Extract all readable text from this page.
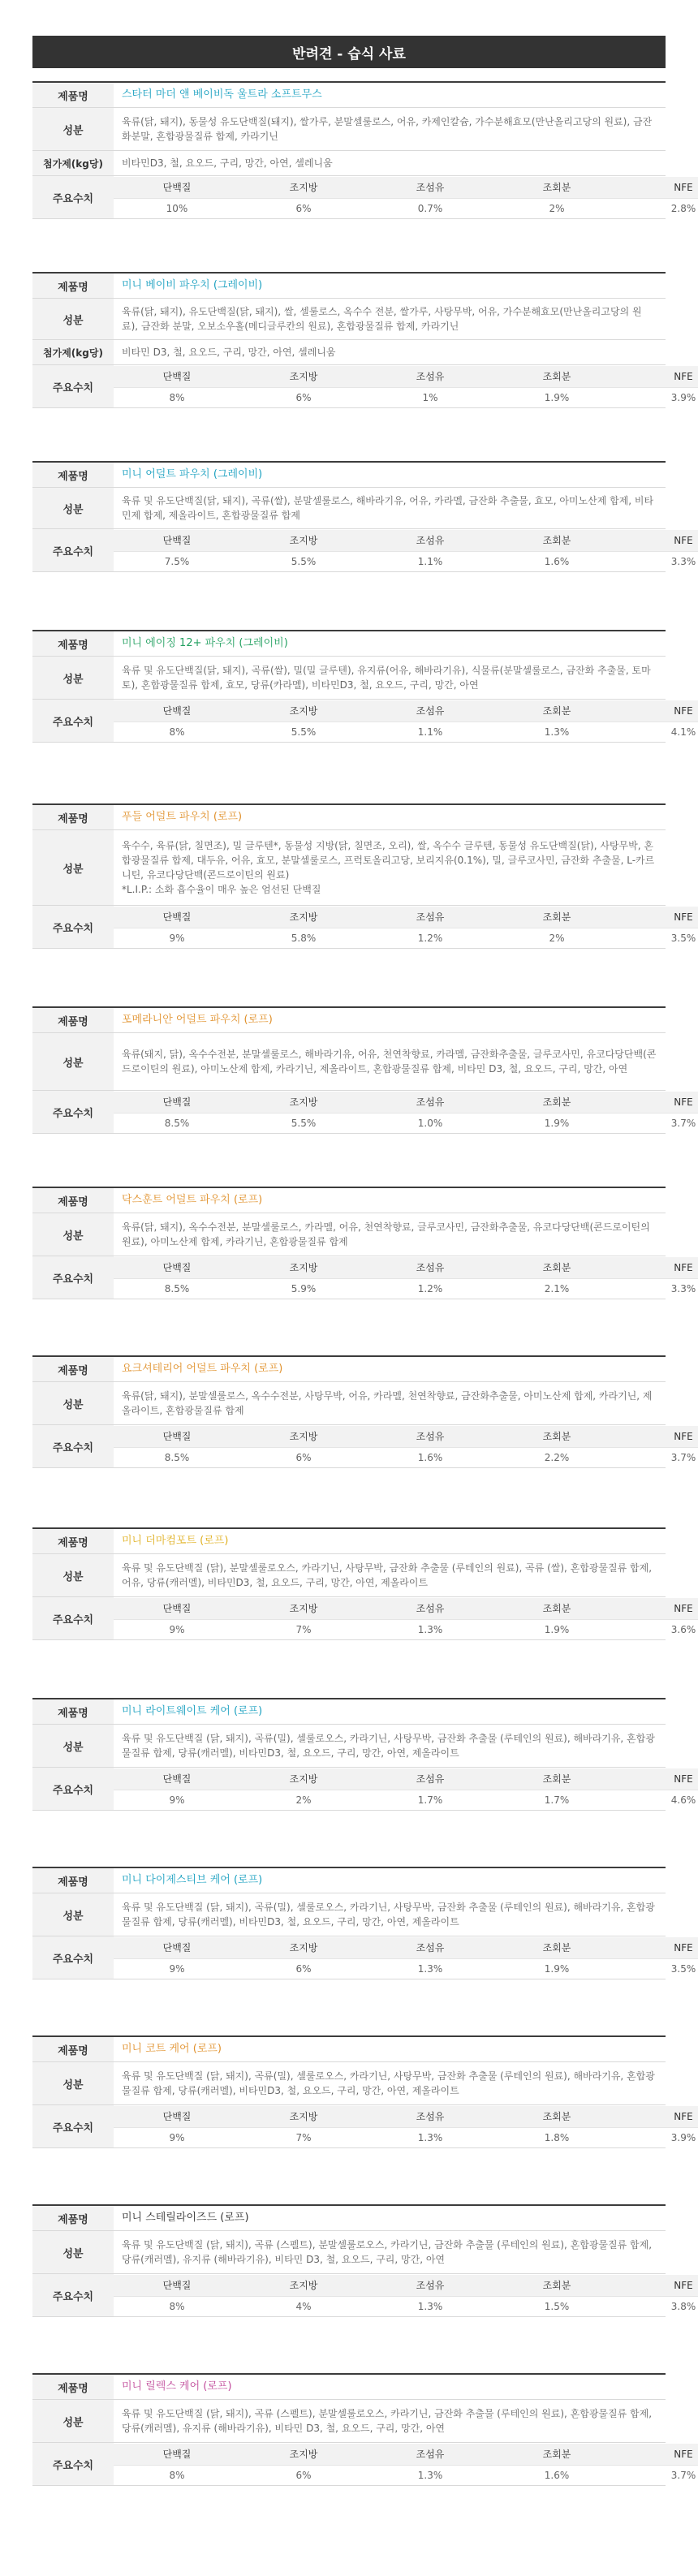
반려견 - 습식 사료
제품명	스타터 마더 앤 베이비독 울트라 소프트무스
성분	육류(닭, 돼지), 동물성 유도단백질(돼지), 쌀가루, 분말셀룰로스, 어유, 카제인칼슘, 가수분해효모(만난올리고당의 원료), 금잔화분말, 혼합광물질류 합제, 카라기닌
첨가제(kg당)	비타민D3, 철, 요오드, 구리, 망간, 아연, 셀레니움
주요수치	
단백질	조지방	조섬유	조회분	NFE
10%	6%	0.7%	2%	2.8%
제품명	미니 베이비 파우치 (그레이비)
성분	육류(닭, 돼지), 유도단백질(닭, 돼지), 쌀, 셀룰로스, 옥수수 전분, 쌀가루, 사탕무박, 어유, 가수분해효모(만난올리고당의 원료), 금잔화 분말, 오보소우홀(메디글루칸의 원료), 혼합광물질류 합제, 카라기닌
첨가제(kg당)	비타민 D3, 철, 요오드, 구리, 망간, 아연, 셀레니움
주요수치	
단백질	조지방	조섬유	조회분	NFE
8%	6%	1%	1.9%	3.9%
제품명	미니 어덜트 파우치 (그레이비)
성분	육류 및 유도단백질(닭, 돼지), 곡류(쌀), 분말셀룰로스, 해바라기유, 어유, 카라멜, 금잔화 추출물, 효모, 아미노산제 합제, 비타민제 합제, 제올라이트, 혼합광물질류 합제
주요수치	
단백질	조지방	조섬유	조회분	NFE
7.5%	5.5%	1.1%	1.6%	3.3%
제품명	미니 에이징 12+ 파우치 (그레이비)
성분	육류 및 유도단백질(닭, 돼지), 곡류(쌀), 밀(밀 글루텐), 유지류(어유, 해바라기유), 식물류(분말셀룰로스, 금잔화 추출물, 토마토), 혼합광물질류 합제, 효모, 당류(카라멜), 비타민D3, 철, 요오드, 구리, 망간, 아연
주요수치	
단백질	조지방	조섬유	조회분	NFE
8%	5.5%	1.1%	1.3%	4.1%
제품명	푸들 어덜트 파우치 (로프)
성분	육수수, 육류(닭, 칠면조), 밀 글루텐*, 동물성 지방(닭, 칠면조, 오리), 쌀, 옥수수 글루텐, 동물성 유도단백질(닭), 사탕무박, 혼합광물질류 합제, 대두유, 어유, 효모, 분말셀룰로스, 프럭토올리고당, 보리지유(0.1%), 밀, 글루코사민, 금잔화 추출물, L-카르니틴, 유코다당단백(콘드로이틴의 원료)
*L.I.P.: 소화 흡수율이 매우 높은 엄선된 단백질
주요수치	
단백질	조지방	조섬유	조회분	NFE
9%	5.8%	1.2%	2%	3.5%
제품명	포메라니안 어덜트 파우치 (로프)
성분	육류(돼지, 닭), 옥수수전분, 분말셀룰로스, 해바라기유, 어유, 천연착향료, 카라멜, 금잔화추출물, 글루코사민, 유코다당단백(콘드로이틴의 원료), 아미노산제 합제, 카라기닌, 제올라이트, 혼합광물질류 합제, 비타민 D3, 철, 요오드, 구리, 망간, 아연
주요수치	
단백질	조지방	조섬유	조회분	NFE
8.5%	5.5%	1.0%	1.9%	3.7%
제품명	닥스훈트 어덜트 파우치 (로프)
성분	육류(닭, 돼지), 옥수수전분, 분말셀룰로스, 카라멜, 어유, 천연착향료, 글루코사민, 금잔화추출물, 유코다당단백(콘드로이틴의 원료), 아미노산제 합제, 카라기닌, 혼합광물질류 합제
주요수치	
단백질	조지방	조섬유	조회분	NFE
8.5%	5.9%	1.2%	2.1%	3.3%
제품명	요크셔테리어 어덜트 파우치 (로프)
성분	육류(닭, 돼지), 분말셀룰로스, 옥수수전분, 사탕무박, 어유, 카라멜, 천연착향료, 금잔화추출물, 아미노산제 합제, 카라기닌, 제올라이트, 혼합광물질류 합제
주요수치	
단백질	조지방	조섬유	조회분	NFE
8.5%	6%	1.6%	2.2%	3.7%
제품명	미니 더마컴포트 (로프)
성분	육류 및 유도단백질 (닭), 분말셀룰로오스, 카라기닌, 사탕무박, 금잔화 추출물 (루테인의 원료), 곡류 (쌀), 혼합광물질류 합제, 어유, 당류(캐러멜), 비타민D3, 철, 요오드, 구리, 망간, 아연, 제올라이트
주요수치	
단백질	조지방	조섬유	조회분	NFE
9%	7%	1.3%	1.9%	3.6%
제품명	미니 라이트웨이트 케어 (로프)
성분	육류 및 유도단백질 (닭, 돼지), 곡류(밀), 셀룰로오스, 카라기닌, 사탕무박, 금잔화 추출물 (루테인의 원료), 해바라기유, 혼합광물질류 합제, 당류(캐러멜), 비타민D3, 철, 요오드, 구리, 망간, 아연, 제올라이트
주요수치	
단백질	조지방	조섬유	조회분	NFE
9%	2%	1.7%	1.7%	4.6%
제품명	미니 다이제스티브 케어 (로프)
성분	육류 및 유도단백질 (닭, 돼지), 곡류(밀), 셀룰로오스, 카라기닌, 사탕무박, 금잔화 추출물 (루테인의 원료), 해바라기유, 혼합광물질류 합제, 당류(캐러멜), 비타민D3, 철, 요오드, 구리, 망간, 아연, 제올라이트
주요수치	
단백질	조지방	조섬유	조회분	NFE
9%	6%	1.3%	1.9%	3.5%
제품명	미니 코트 케어 (로프)
성분	육류 및 유도단백질 (닭, 돼지), 곡류(밀), 셀룰로오스, 카라기닌, 사탕무박, 금잔화 추출물 (루테인의 원료), 해바라기유, 혼합광물질류 합제, 당류(캐러멜), 비타민D3, 철, 요오드, 구리, 망간, 아연, 제올라이트
주요수치	
단백질	조지방	조섬유	조회분	NFE
9%	7%	1.3%	1.8%	3.9%
제품명	미니 스테릴라이즈드 (로프)
성분	육류 및 유도단백질 (닭, 돼지), 곡류 (스펠트), 분말셀룰로오스, 카라기닌, 금잔화 추출물 (루테인의 원료), 혼합광물질류 합제, 당류(캐러멜), 유지류 (해바라기유), 비타민 D3, 철, 요오드, 구리, 망간, 아연
주요수치	
단백질	조지방	조섬유	조회분	NFE
8%	4%	1.3%	1.5%	3.8%
제품명	미니 릴렉스 케어 (로프)
성분	육류 및 유도단백질 (닭, 돼지), 곡류 (스펠트), 분말셀룰로오스, 카라기닌, 금잔화 추출물 (루테인의 원료), 혼합광물질류 합제, 당류(캐러멜), 유지류 (해바라기유), 비타민 D3, 철, 요오드, 구리, 망간, 아연
주요수치	
단백질	조지방	조섬유	조회분	NFE
8%	6%	1.3%	1.6%	3.7%
